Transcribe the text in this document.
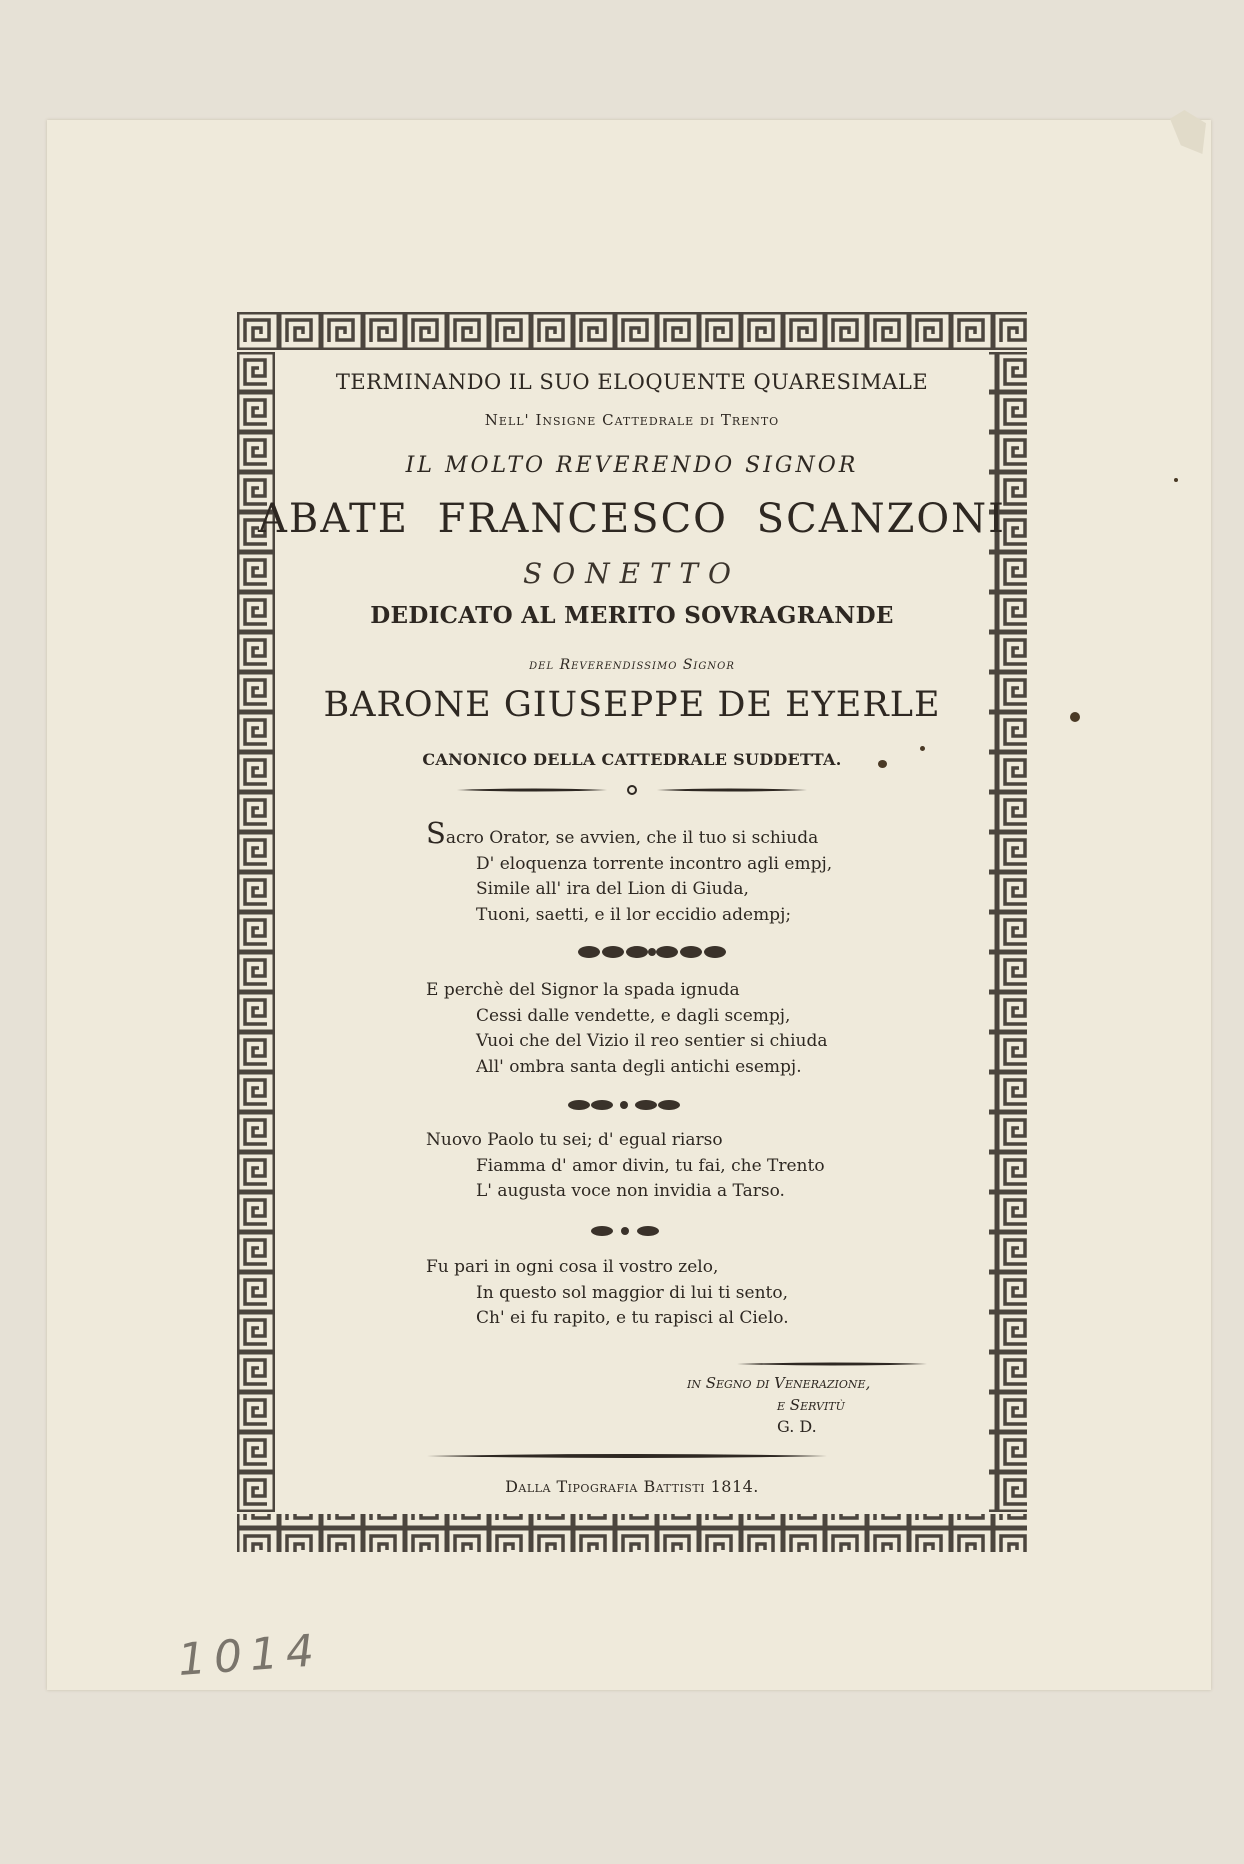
TERMINANDO IL SUO ELOQUENTE QUARESIMALE
Nell' Insigne Cattedrale di Trento
IL MOLTO REVERENDO SIGNOR
ABATE FRANCESCO SCANZONI
SONETTO
DEDICATO AL MERITO SOVRAGRANDE
del Reverendissimo Signor
BARONE GIUSEPPE DE EYERLE
CANONICO DELLA CATTEDRALE SUDDETTA.
Sacro Orator, se avvien, che il tuo si schiuda
D' eloquenza torrente incontro agli empj,
Simile all' ira del Lion di Giuda,
Tuoni, saetti, e il lor eccidio adempj;
E perchè del Signor la spada ignuda
Cessi dalle vendette, e dagli scempj,
Vuoi che del Vizio il reo sentier si chiuda
All' ombra santa degli antichi esempj.
Nuovo Paolo tu sei; d' egual riarso
Fiamma d' amor divin, tu fai, che Trento
L' augusta voce non invidia a Tarso.
Fu pari in ogni cosa il vostro zelo,
In questo sol maggior di lui ti sento,
Ch' ei fu rapito, e tu rapisci al Cielo.
in Segno di Venerazione,
e Servitù
G. D.
Dalla Tipografia Battisti 1814.
1014
